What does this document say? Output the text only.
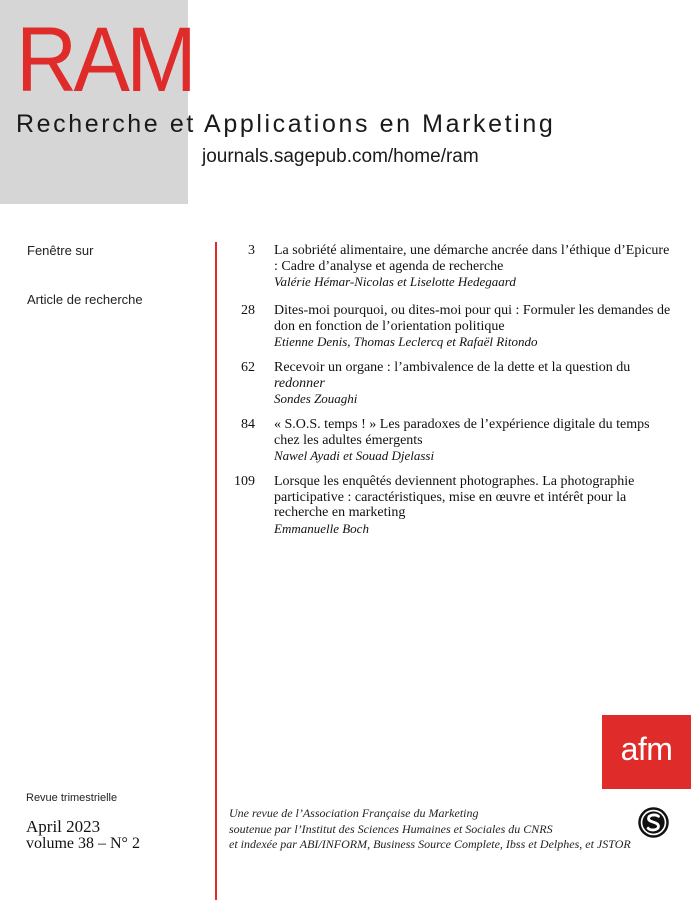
RAM
Recherche et Applications en Marketing
journals.sagepub.com/home/ram
Fenêtre sur
Article de recherche
3 La sobriété alimentaire, une démarche ancrée dans l’éthique d’Epicure : Cadre d’analyse et agenda de recherche
Valérie Hémar-Nicolas et Liselotte Hedegaard
28 Dites-moi pourquoi, ou dites-moi pour qui : Formuler les demandes de don en fonction de l’orientation politique
Etienne Denis, Thomas Leclercq et Rafaël Ritondo
62 Recevoir un organe : l’ambivalence de la dette et la question du
redonner
Sondes Zouaghi
84 « S.O.S. temps ! » Les paradoxes de l’expérience digitale du temps chez les adultes émergents
Nawel Ayadi et Souad Djelassi
109 Lorsque les enquêtés deviennent photographes. La photographie participative : caractéristiques, mise en œuvre et intérêt pour la recherche en marketing
Emmanuelle Boch
afm
Revue trimestrielle
April 2023
volume 38 – N° 2
Une revue de l’Association Française du Marketing
soutenue par l’Institut des Sciences Humaines et Sociales du CNRS
et indexée par ABI/INFORM, Business Source Complete, Ibss et Delphes, et JSTOR
